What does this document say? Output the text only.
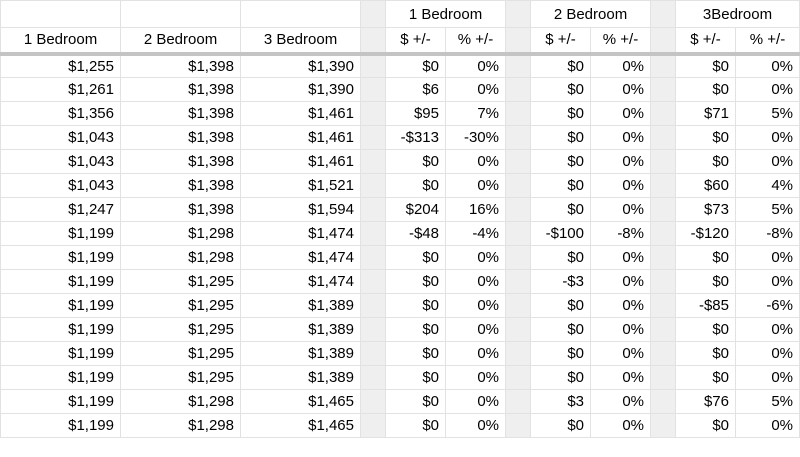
				1 Bedroom			2 Bedroom			3Bedroom	
1 Bedroom	2 Bedroom	3 Bedroom		$ +/-	% +/-		$ +/-	% +/-		$ +/-	% +/-
$1,255	$1,398	$1,390		$0	0%		$0	0%		$0	0%
$1,261	$1,398	$1,390		$6	0%		$0	0%		$0	0%
$1,356	$1,398	$1,461		$95	7%		$0	0%		$71	5%
$1,043	$1,398	$1,461		-$313	-30%		$0	0%		$0	0%
$1,043	$1,398	$1,461		$0	0%		$0	0%		$0	0%
$1,043	$1,398	$1,521		$0	0%		$0	0%		$60	4%
$1,247	$1,398	$1,594		$204	16%		$0	0%		$73	5%
$1,199	$1,298	$1,474		-$48	-4%		-$100	-8%		-$120	-8%
$1,199	$1,298	$1,474		$0	0%		$0	0%		$0	0%
$1,199	$1,295	$1,474		$0	0%		-$3	0%		$0	0%
$1,199	$1,295	$1,389		$0	0%		$0	0%		-$85	-6%
$1,199	$1,295	$1,389		$0	0%		$0	0%		$0	0%
$1,199	$1,295	$1,389		$0	0%		$0	0%		$0	0%
$1,199	$1,295	$1,389		$0	0%		$0	0%		$0	0%
$1,199	$1,298	$1,465		$0	0%		$3	0%		$76	5%
$1,199	$1,298	$1,465		$0	0%		$0	0%		$0	0%
